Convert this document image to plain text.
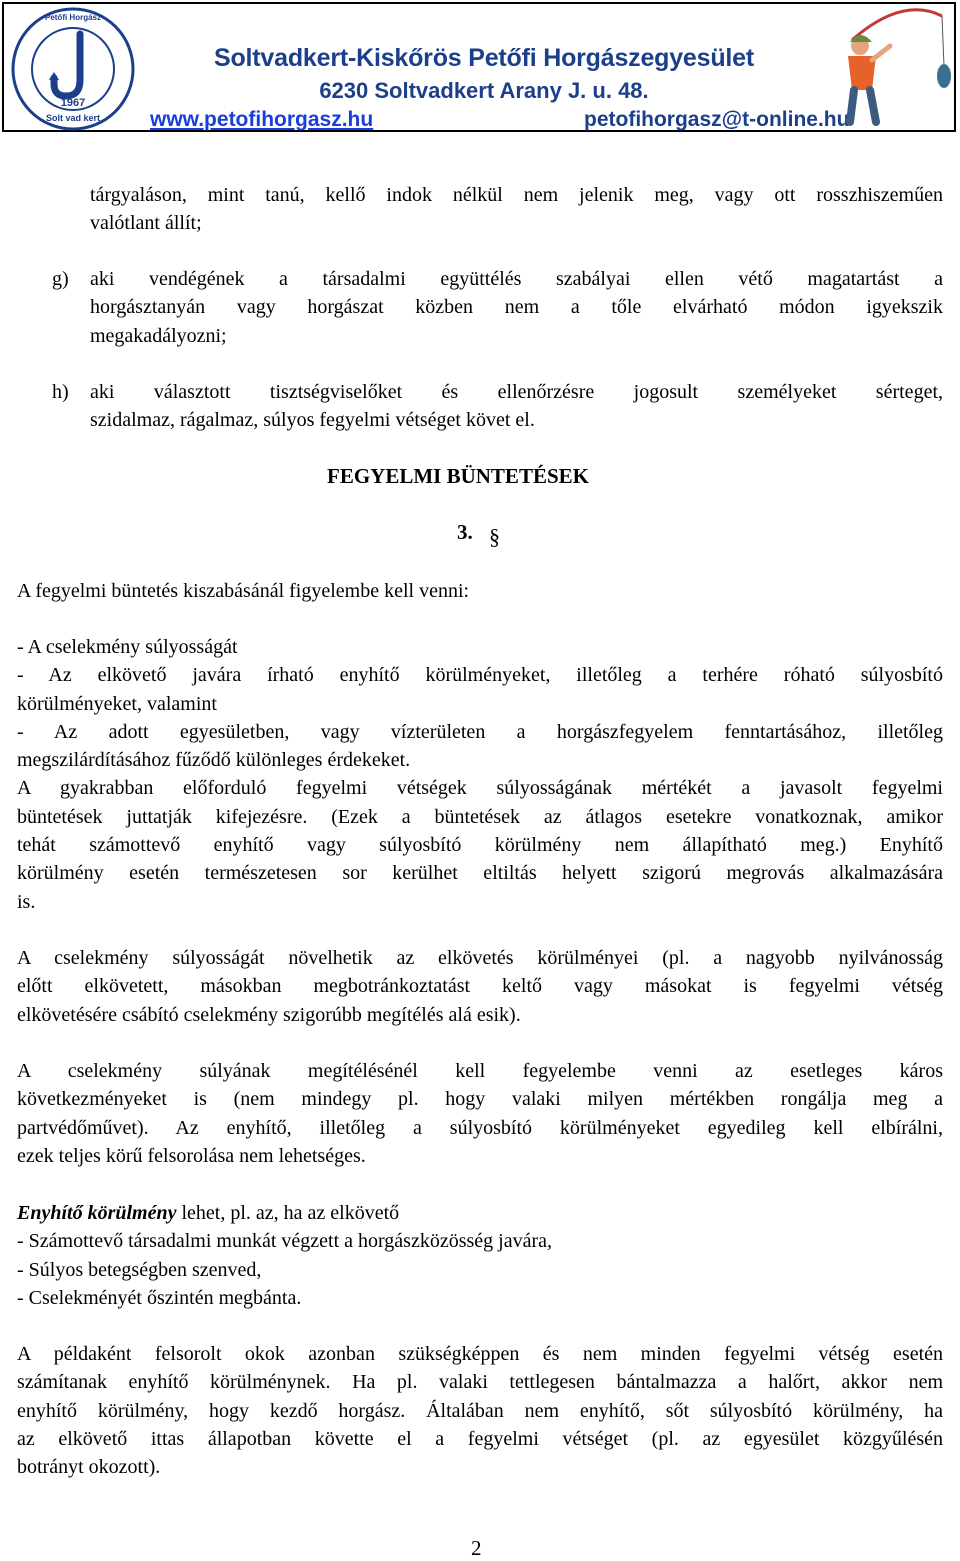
1967
Solt vad kert
Petőfi Horgász
Soltvadkert-Kiskőrös Petőfi Horgászegyesület
6230 Soltvadkert Arany J. u. 48.
www.petofihorgasz.hu	petofihorgasz@t-online.hu
tárgyaláson, mint tanú, kellő indok nélkül nem jelenik meg, vagy ott rosszhiszeműen
valótlant állít;
g) aki vendégének a társadalmi együttélés szabályai ellen vétő magatartást a
horgásztanyán vagy horgászat közben nem a tőle elvárható módon igyekszik
megakadályozni;
h) aki választott tisztségviselőket és ellenőrzésre jogosult személyeket sérteget,
szidalmaz, rágalmaz, súlyos fegyelmi vétséget követ el.
FEGYELMI BÜNTETÉSEK
3. §
A fegyelmi büntetés kiszabásánál figyelembe kell venni:
- A cselekmény súlyosságát
- Az elkövető javára írható enyhítő körülményeket, illetőleg a terhére róható súlyosbító
körülményeket, valamint
- Az adott egyesületben, vagy vízterületen a horgászfegyelem fenntartásához, illetőleg
megszilárdításához fűződő különleges érdekeket.
A gyakrabban előforduló fegyelmi vétségek súlyosságának mértékét a javasolt fegyelmi
büntetések juttatják kifejezésre. (Ezek a büntetések az átlagos esetekre vonatkoznak, amikor
tehát számottevő enyhítő vagy súlyosbító körülmény nem állapítható meg.) Enyhítő
körülmény esetén természetesen sor kerülhet eltiltás helyett szigorú megrovás alkalmazására
is.
A cselekmény súlyosságát növelhetik az elkövetés körülményei (pl. a nagyobb nyilvánosság
előtt elkövetett, másokban megbotránkoztatást keltő vagy másokat is fegyelmi vétség
elkövetésére csábító cselekmény szigorúbb megítélés alá esik).
A cselekmény súlyának megítélésénél kell fegyelembe venni az esetleges káros
következményeket is (nem mindegy pl. hogy valaki milyen mértékben rongálja meg a
partvédőművet). Az enyhítő, illetőleg a súlyosbító körülményeket egyedileg kell elbírálni,
ezek teljes körű felsorolása nem lehetséges.
Enyhítő körülmény lehet, pl. az, ha az elkövető
- Számottevő társadalmi munkát végzett a horgászközösség javára,
- Súlyos betegségben szenved,
- Cselekményét őszintén megbánta.
A példaként felsorolt okok azonban szükségképpen és nem minden fegyelmi vétség esetén
számítanak enyhítő körülménynek. Ha pl. valaki tettlegesen bántalmazza a halőrt, akkor nem
enyhítő körülmény, hogy kezdő horgász. Általában nem enyhítő, sőt súlyosbító körülmény, ha
az elkövető ittas állapotban követte el a fegyelmi vétséget (pl. az egyesület közgyűlésén
botrányt okozott).
2
